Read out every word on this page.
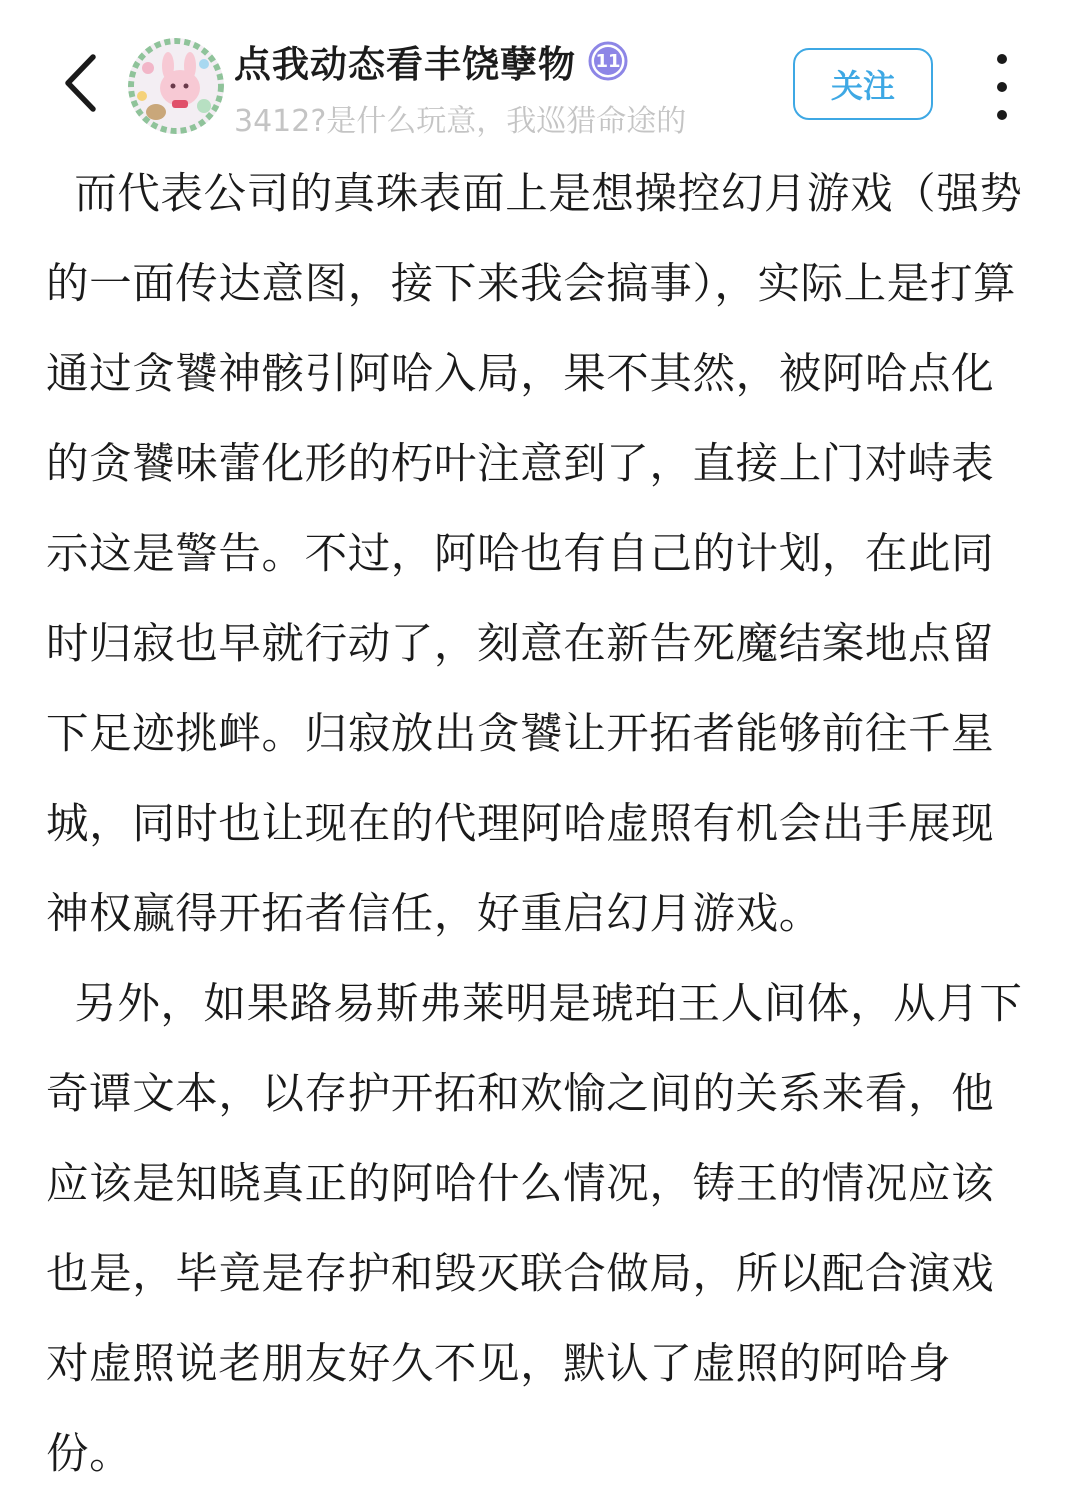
点我动态看丰饶孽物	11
3412?是什么玩意，我巡猎命途的
关注

而代表公司的真珠表面上是想操控幻月游戏（强势的一面传达意图，接下来我会搞事），实际上是打算通过贪饕神骸引阿哈入局，果不其然，被阿哈点化的贪饕味蕾化形的朽叶注意到了，直接上门对峙表示这是警告。不过，阿哈也有自己的计划，在此同时归寂也早就行动了，刻意在新告死魔结案地点留下足迹挑衅。归寂放出贪饕让开拓者能够前往千星城，同时也让现在的代理阿哈虚照有机会出手展现神权赢得开拓者信任，好重启幻月游戏。

另外，如果路易斯弗莱明是琥珀王人间体，从月下奇谭文本，以存护开拓和欢愉之间的关系来看，他应该是知晓真正的阿哈什么情况，铸王的情况应该也是，毕竟是存护和毁灭联合做局，所以配合演戏对虚照说老朋友好久不见，默认了虚照的阿哈身份。
